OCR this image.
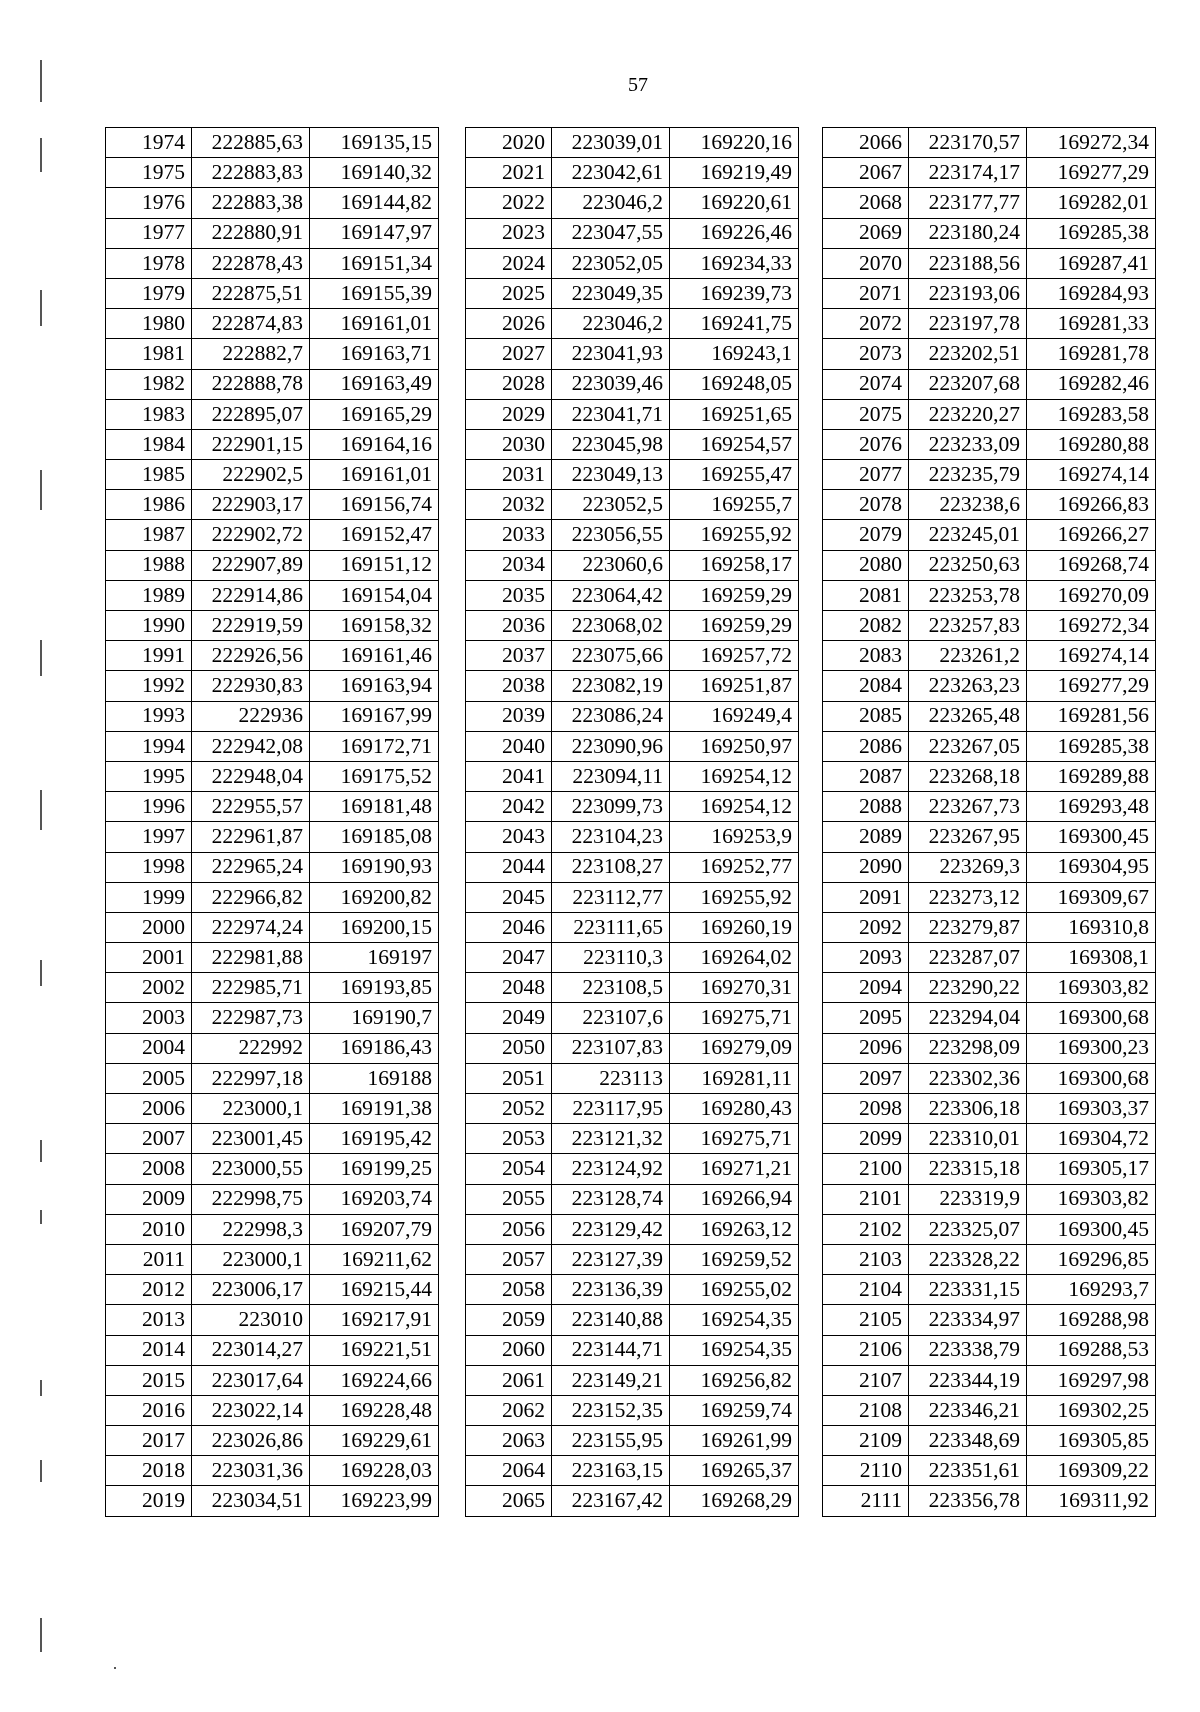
57
1974	222885,63	169135,15
1975	222883,83	169140,32
1976	222883,38	169144,82
1977	222880,91	169147,97
1978	222878,43	169151,34
1979	222875,51	169155,39
1980	222874,83	169161,01
1981	222882,7	169163,71
1982	222888,78	169163,49
1983	222895,07	169165,29
1984	222901,15	169164,16
1985	222902,5	169161,01
1986	222903,17	169156,74
1987	222902,72	169152,47
1988	222907,89	169151,12
1989	222914,86	169154,04
1990	222919,59	169158,32
1991	222926,56	169161,46
1992	222930,83	169163,94
1993	222936	169167,99
1994	222942,08	169172,71
1995	222948,04	169175,52
1996	222955,57	169181,48
1997	222961,87	169185,08
1998	222965,24	169190,93
1999	222966,82	169200,82
2000	222974,24	169200,15
2001	222981,88	169197
2002	222985,71	169193,85
2003	222987,73	169190,7
2004	222992	169186,43
2005	222997,18	169188
2006	223000,1	169191,38
2007	223001,45	169195,42
2008	223000,55	169199,25
2009	222998,75	169203,74
2010	222998,3	169207,79
2011	223000,1	169211,62
2012	223006,17	169215,44
2013	223010	169217,91
2014	223014,27	169221,51
2015	223017,64	169224,66
2016	223022,14	169228,48
2017	223026,86	169229,61
2018	223031,36	169228,03
2019	223034,51	169223,99
2020	223039,01	169220,16
2021	223042,61	169219,49
2022	223046,2	169220,61
2023	223047,55	169226,46
2024	223052,05	169234,33
2025	223049,35	169239,73
2026	223046,2	169241,75
2027	223041,93	169243,1
2028	223039,46	169248,05
2029	223041,71	169251,65
2030	223045,98	169254,57
2031	223049,13	169255,47
2032	223052,5	169255,7
2033	223056,55	169255,92
2034	223060,6	169258,17
2035	223064,42	169259,29
2036	223068,02	169259,29
2037	223075,66	169257,72
2038	223082,19	169251,87
2039	223086,24	169249,4
2040	223090,96	169250,97
2041	223094,11	169254,12
2042	223099,73	169254,12
2043	223104,23	169253,9
2044	223108,27	169252,77
2045	223112,77	169255,92
2046	223111,65	169260,19
2047	223110,3	169264,02
2048	223108,5	169270,31
2049	223107,6	169275,71
2050	223107,83	169279,09
2051	223113	169281,11
2052	223117,95	169280,43
2053	223121,32	169275,71
2054	223124,92	169271,21
2055	223128,74	169266,94
2056	223129,42	169263,12
2057	223127,39	169259,52
2058	223136,39	169255,02
2059	223140,88	169254,35
2060	223144,71	169254,35
2061	223149,21	169256,82
2062	223152,35	169259,74
2063	223155,95	169261,99
2064	223163,15	169265,37
2065	223167,42	169268,29
2066	223170,57	169272,34
2067	223174,17	169277,29
2068	223177,77	169282,01
2069	223180,24	169285,38
2070	223188,56	169287,41
2071	223193,06	169284,93
2072	223197,78	169281,33
2073	223202,51	169281,78
2074	223207,68	169282,46
2075	223220,27	169283,58
2076	223233,09	169280,88
2077	223235,79	169274,14
2078	223238,6	169266,83
2079	223245,01	169266,27
2080	223250,63	169268,74
2081	223253,78	169270,09
2082	223257,83	169272,34
2083	223261,2	169274,14
2084	223263,23	169277,29
2085	223265,48	169281,56
2086	223267,05	169285,38
2087	223268,18	169289,88
2088	223267,73	169293,48
2089	223267,95	169300,45
2090	223269,3	169304,95
2091	223273,12	169309,67
2092	223279,87	169310,8
2093	223287,07	169308,1
2094	223290,22	169303,82
2095	223294,04	169300,68
2096	223298,09	169300,23
2097	223302,36	169300,68
2098	223306,18	169303,37
2099	223310,01	169304,72
2100	223315,18	169305,17
2101	223319,9	169303,82
2102	223325,07	169300,45
2103	223328,22	169296,85
2104	223331,15	169293,7
2105	223334,97	169288,98
2106	223338,79	169288,53
2107	223344,19	169297,98
2108	223346,21	169302,25
2109	223348,69	169305,85
2110	223351,61	169309,22
2111	223356,78	169311,92
